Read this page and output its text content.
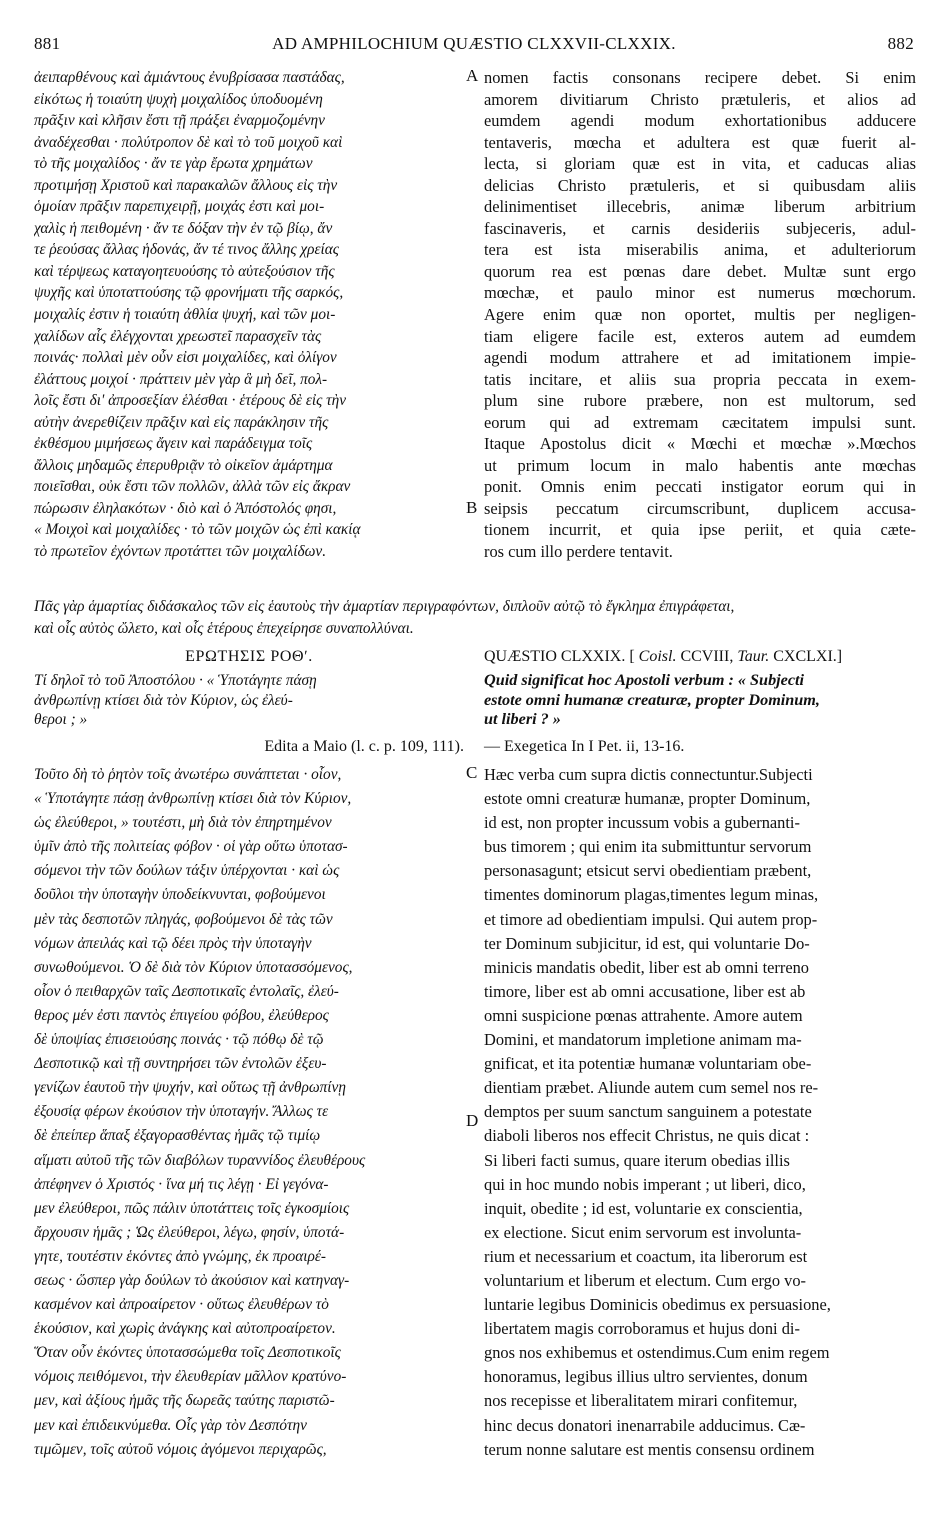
881	AD AMPHILOCHIUM QUÆSTIO CLXXVII-CLXXIX.	882
ἀειπαρθένους καὶ ἀμιάντους ἐνυβρίσασα παστάδας,
εἰκότως ἡ τοιαύτη ψυχὴ μοιχαλίδος ὑποδυομένη
πρᾶξιν καὶ κλῆσιν ἔστι τῇ πράξει ἐναρμοζομένην
ἀναδέχεσθαι · πολύτροπον δὲ καὶ τὸ τοῦ μοιχοῦ καὶ
τὸ τῆς μοιχαλίδος · ἄν τε γὰρ ἔρωτα χρημάτων
προτιμήσῃ Χριστοῦ καὶ παρακαλῶν ἄλλους εἰς τὴν
ὁμοίαν πρᾶξιν παρεπιχειρῇ, μοιχάς ἐστι καὶ μοι-
χαλὶς ἡ πειθομένη · ἄν τε δόξαν τὴν ἐν τῷ βίῳ, ἄν
τε ῥεούσας ἄλλας ἡδονάς, ἄν τέ τινος ἄλλης χρείας
καὶ τέρψεως καταγοητευούσης τὸ αὐτεξούσιον τῆς
ψυχῆς καὶ ὑποταττούσης τῷ φρονήματι τῆς σαρκός,
μοιχαλίς ἐστιν ἡ τοιαύτη ἀθλία ψυχή, καὶ τῶν μοι-
χαλίδων αἷς ἐλέγχονται χρεωστεῖ παρασχεῖν τὰς
ποινάς· πολλαὶ μὲν οὖν εἰσι μοιχαλίδες, καὶ ὀλίγον
ἐλάττους μοιχοί · πράττειν μὲν γὰρ ἃ μὴ δεῖ, πολ-
λοῖς ἔστι δι' ἀπροσεξίαν ἑλέσθαι · ἑτέρους δὲ εἰς τὴν
αὐτὴν ἀνερεθίζειν πρᾶξιν καὶ εἰς παράκλησιν τῆς
ἐκθέσμου μιμήσεως ἄγειν καὶ παράδειγμα τοῖς
ἄλλοις μηδαμῶς ἐπερυθριᾷν τὸ οἰκεῖον ἁμάρτημα
ποιεῖσθαι, οὐκ ἔστι τῶν πολλῶν, ἀλλὰ τῶν εἰς ἄκραν
πώρωσιν ἐληλακότων · διὸ καὶ ὁ Ἀπόστολός φησι,
« Μοιχοὶ καὶ μοιχαλίδες · τὸ τῶν μοιχῶν ὡς ἐπὶ κακίᾳ
τὸ πρωτεῖον ἐχόντων προτάττει τῶν μοιχαλίδων.
nomen factis consonans recipere debet. Si enim
amorem divitiarum Christo prætuleris, et alios ad
eumdem agendi modum exhortationibus adducere
tentaveris, mœcha et adultera est quæ fuerit al-
lecta, si gloriam quæ est in vita, et caducas alias
delicias Christo prætuleris, et si quibusdam aliis
delinimentiset illecebris, animæ liberum arbitrium
fascinaveris, et carnis desideriis subjeceris, adul-
tera est ista miserabilis anima, et adulteriorum
quorum rea est pœnas dare debet. Multæ sunt ergo
mœchæ, et paulo minor est numerus mœchorum.
Agere enim quæ non oportet, multis per negligen-
tiam eligere facile est, exteros autem ad eumdem
agendi modum attrahere et ad imitationem impie-
tatis incitare, et aliis sua propria peccata in exem-
plum sine rubore præbere, non est multorum, sed
eorum qui ad extremam cæcitatem impulsi sunt.
Itaque Apostolus dicit « Mœchi et mœchæ ».Mœchos
ut primum locum in malo habentis ante mœchas
ponit. Omnis enim peccati instigator eorum qui in
seipsis peccatum circumscribunt, duplicem accusa-
tionem incurrit, et quia ipse periit, et quia cæte-
ros cum illo perdere tentavit.
A
B
C
D
Πᾶς γὰρ ἁμαρτίας διδάσκαλος τῶν εἰς ἑαυτοὺς τὴν ἁμαρτίαν περιγραφόντων, διπλοῦν αὐτῷ τὸ ἔγκλημα ἐπιγράφεται,
καὶ οἷς αὐτὸς ὤλετο, καὶ οἷς ἑτέρους ἐπεχείρησε συναπολλύναι.
ΕΡΩΤΗΣΙΣ ΡΟΘʹ.	QUÆSTIO CLXXIX. [ Coisl. CCVIII, Taur. CXCLXI.]
Τί δηλοῖ τὸ τοῦ Ἀποστόλου · « Ὑποτάγητε πάσῃ
ἀνθρωπίνῃ κτίσει διὰ τὸν Κύριον, ὡς ἐλεύ-
θεροι ; »
Quid significat hoc Apostoli verbum : « Subjecti
estote omni humanæ creaturæ, propter Dominum,
ut liberi ? »
Edita a Maio (l. c. p. 109, 111). — Exegetica In I Pet. ii, 13-16.
Τοῦτο δὴ τὸ ῥητὸν τοῖς ἀνωτέρω συνάπτεται · οἷον,
« Ὑποτάγητε πάσῃ ἀνθρωπίνῃ κτίσει διὰ τὸν Κύριον,
ὡς ἐλεύθεροι, » τουτέστι, μὴ διὰ τὸν ἐπηρτημένον
ὑμῖν ἀπὸ τῆς πολιτείας φόβον · οἱ γὰρ οὕτω ὑποτασ-
σόμενοι τὴν τῶν δούλων τάξιν ὑπέρχονται · καὶ ὡς
δοῦλοι τὴν ὑποταγὴν ὑποδείκνυνται, φοβούμενοι
μὲν τὰς δεσποτῶν πληγάς, φοβούμενοι δὲ τὰς τῶν
νόμων ἀπειλάς καὶ τῷ δέει πρὸς τὴν ὑποταγὴν
συνωθούμενοι. Ὁ δὲ διὰ τὸν Κύριον ὑποτασσόμενος,
οἷον ὁ πειθαρχῶν ταῖς Δεσποτικαῖς ἐντολαῖς, ἐλεύ-
θερος μέν ἐστι παντὸς ἐπιγείου φόβου, ἐλεύθερος
δὲ ὑποψίας ἐπισειούσης ποινάς · τῷ πόθῳ δὲ τῷ
Δεσποτικῷ καὶ τῇ συντηρήσει τῶν ἐντολῶν ἐξευ-
γενίζων ἑαυτοῦ τὴν ψυχήν, καὶ οὕτως τῇ ἀνθρωπίνῃ
ἐξουσίᾳ φέρων ἑκούσιον τὴν ὑποταγήν. Ἄλλως τε
δὲ ἐπείπερ ἅπαξ ἐξαγορασθέντας ἡμᾶς τῷ τιμίῳ
αἵματι αὐτοῦ τῆς τῶν διαβόλων τυραννίδος ἐλευθέρους
ἀπέφηνεν ὁ Χριστός · ἵνα μή τις λέγῃ · Εἰ γεγόνα-
μεν ἐλεύθεροι, πῶς πάλιν ὑποτάττεις τοῖς ἐγκοσμίοις
ἄρχουσιν ἡμᾶς ; Ὡς ἐλεύθεροι, λέγω, φησίν, ὑποτά-
γητε, τουτέστιν ἑκόντες ἀπὸ γνώμης, ἐκ προαιρέ-
σεως · ὥσπερ γὰρ δούλων τὸ ἀκούσιον καὶ κατηναγ-
κασμένον καὶ ἀπροαίρετον · οὕτως ἐλευθέρων τὸ
ἑκούσιον, καὶ χωρὶς ἀνάγκης καὶ αὐτοπροαίρετον.
Ὅταν οὖν ἑκόντες ὑποτασσώμεθα τοῖς Δεσποτικοῖς
νόμοις πειθόμενοι, τὴν ἐλευθερίαν μᾶλλον κρατύνο-
μεν, καὶ ἀξίους ἡμᾶς τῆς δωρεᾶς ταύτης παριστῶ-
μεν καὶ ἐπιδεικνύμεθα. Οἷς γὰρ τὸν Δεσπότην
τιμῶμεν, τοῖς αὐτοῦ νόμοις ἀγόμενοι περιχαρῶς,
Hæc verba cum supra dictis connectuntur.Subjecti
estote omni creaturæ humanæ, propter Dominum,
id est, non propter incussum vobis a gubernanti-
bus timorem ; qui enim ita submittuntur servorum
personasagunt; etsicut servi obedientiam præbent,
timentes dominorum plagas,timentes legum minas,
et timore ad obedientiam impulsi. Qui autem prop-
ter Dominum subjicitur, id est, qui voluntarie Do-
minicis mandatis obedit, liber est ab omni terreno
timore, liber est ab omni accusatione, liber est ab
omni suspicione pœnas attrahente. Amore autem
Domini, et mandatorum impletione animam ma-
gnificat, et ita potentiæ humanæ voluntariam obe-
dientiam præbet. Aliunde autem cum semel nos re-
demptos per suum sanctum sanguinem a potestate
diaboli liberos nos effecit Christus, ne quis dicat :
Si liberi facti sumus, quare iterum obedias illis
qui in hoc mundo nobis imperant ; ut liberi, dico,
inquit, obedite ; id est, voluntarie ex conscientia,
ex electione. Sicut enim servorum est involunta-
rium et necessarium et coactum, ita liberorum est
voluntarium et liberum et electum. Cum ergo vo-
luntarie legibus Dominicis obedimus ex persuasione,
libertatem magis corroboramus et hujus doni di-
gnos nos exhibemus et ostendimus.Cum enim regem
honoramus, legibus illius ultro servientes, donum
nos recepisse et liberalitatem mirari confitemur,
hinc decus donatori inenarrabile adducimus. Cæ-
terum nonne salutare est mentis consensu ordinem
